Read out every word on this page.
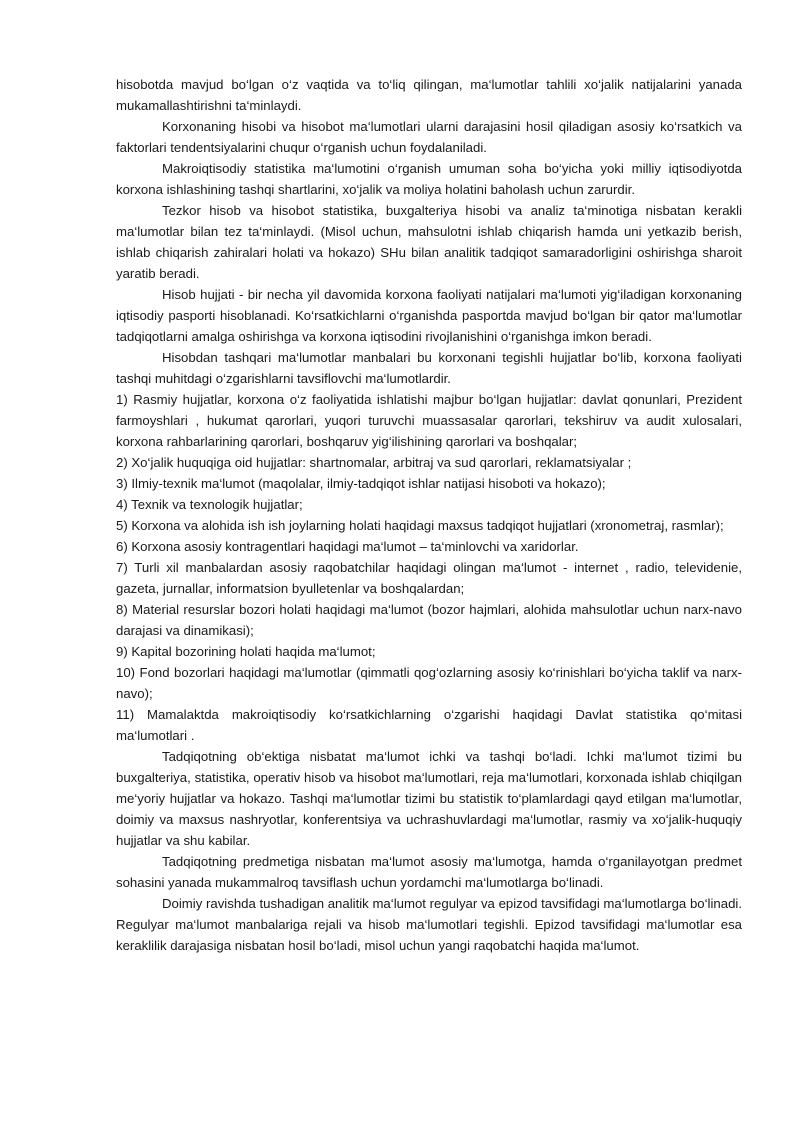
hisobotda mavjud bo‘lgan o‘z vaqtida va to‘liq qilingan, ma‘lumotlar tahlili xo‘jalik natijalarini yanada mukamallashtirishni ta‘minlaydi.

Korxonaning hisobi va hisobot ma‘lumotlari ularni darajasini hosil qiladigan asosiy ko‘rsatkich va faktorlari tendentsiyalarini chuqur o‘rganish uchun foydalaniladi.

Makroiqtisodiy statistika ma‘lumotini o‘rganish umuman soha bo‘yicha yoki milliy iqtisodiyotda korxona ishlashining tashqi shartlarini, xo‘jalik va moliya holatini baholash uchun zarurdir.

Tezkor hisob va hisobot statistika, buxgalteriya hisobi va analiz ta‘minotiga nisbatan kerakli ma‘lumotlar bilan tez ta‘minlaydi. (Misol uchun, mahsulotni ishlab chiqarish hamda uni yetkazib berish, ishlab chiqarish zahiralari holati va hokazo) SHu bilan analitik tadqiqot samaradorligini oshirishga sharoit yaratib beradi.

Hisob hujjati - bir necha yil davomida korxona faoliyati natijalari ma‘lumoti yig‘iladigan korxonaning iqtisodiy pasporti hisoblanadi. Ko‘rsatkichlarni o‘rganishda pasportda mavjud bo‘lgan bir qator ma‘lumotlar tadqiqotlarni amalga oshirishga va korxona iqtisodini rivojlanishini o‘rganishga imkon beradi.

Hisobdan tashqari ma‘lumotlar manbalari bu korxonani tegishli hujjatlar bo‘lib, korxona faoliyati tashqi muhitdagi o‘zgarishlarni tavsiflovchi ma‘lumotlardir.

1) Rasmiy hujjatlar, korxona o‘z faoliyatida ishlatishi majbur bo‘lgan hujjatlar: davlat qonunlari, Prezident farmoyshlari , hukumat qarorlari, yuqori turuvchi muassasalar qarorlari, tekshiruv va audit xulosalari, korxona rahbarlarining qarorlari, boshqaruv yig‘ilishining qarorlari va boshqalar;

2) Xo‘jalik huquqiga oid hujjatlar: shartnomalar, arbitraj va sud qarorlari, reklamatsiyalar ;

3) Ilmiy-texnik ma‘lumot (maqolalar, ilmiy-tadqiqot ishlar natijasi hisoboti va hokazo);

4) Texnik va texnologik hujjatlar;

5) Korxona va alohida ish ish joylarning holati haqidagi maxsus tadqiqot hujjatlari (xronometraj, rasmlar);

6) Korxona asosiy kontragentlari haqidagi ma‘lumot – ta‘minlovchi va xaridorlar.

7) Turli xil manbalardan asosiy raqobatchilar haqidagi olingan ma‘lumot - internet , radio, televidenie, gazeta, jurnallar, informatsion byulletenlar va boshqalardan;

8) Material resurslar bozori holati haqidagi ma‘lumot (bozor hajmlari, alohida mahsulotlar uchun narx-navo darajasi va dinamikasi);

9) Kapital bozorining holati haqida ma‘lumot;

10) Fond bozorlari haqidagi ma‘lumotlar (qimmatli qog‘ozlarning asosiy ko‘rinishlari bo‘yicha taklif va narx-navo);

11) Mamalaktda makroiqtisodiy ko‘rsatkichlarning o‘zgarishi haqidagi Davlat statistika qo‘mitasi ma‘lumotlari .

Tadqiqotning ob‘ektiga nisbatat ma‘lumot ichki va tashqi bo‘ladi. Ichki ma‘lumot tizimi bu buxgalteriya, statistika, operativ hisob va hisobot ma‘lumotlari, reja ma‘lumotlari, korxonada ishlab chiqilgan me‘yoriy hujjatlar va hokazo. Tashqi ma‘lumotlar tizimi bu statistik to‘plamlardagi qayd etilgan ma‘lumotlar, doimiy va maxsus nashryotlar, konferentsiya va uchrashuvlardagi ma‘lumotlar, rasmiy va xo‘jalik-huquqiy hujjatlar va shu kabilar.

Tadqiqotning predmetiga nisbatan ma‘lumot asosiy ma‘lumotga, hamda o‘rganilayotgan predmet sohasini yanada mukammalroq tavsiflash uchun yordamchi ma‘lumotlarga bo‘linadi.

Doimiy ravishda tushadigan analitik ma‘lumot regulyar va epizod tavsifidagi ma‘lumotlarga bo‘linadi. Regulyar ma‘lumot manbalariga rejali va hisob ma‘lumotlari tegishli. Epizod tavsifidagi ma‘lumotlar esa keraklilik darajasiga nisbatan hosil bo‘ladi, misol uchun yangi raqobatchi haqida ma‘lumot.
